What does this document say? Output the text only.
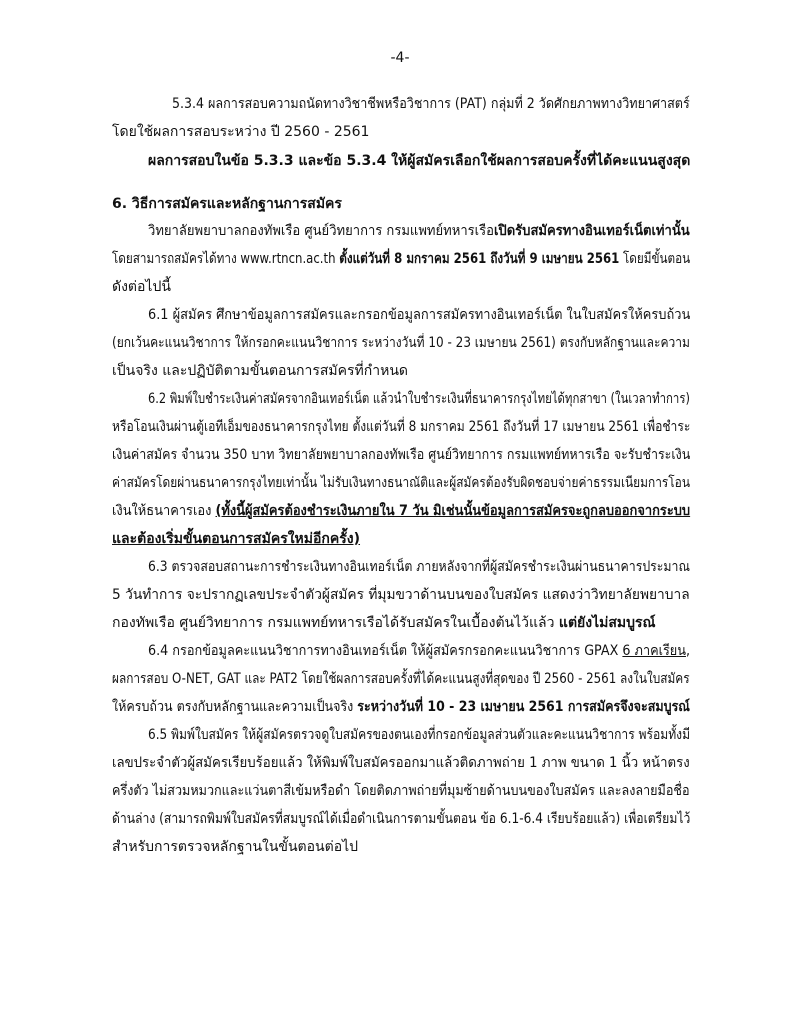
-4-
5.3.4 ผลการสอบความถนัดทางวิชาชีพหรือวิชาการ (PAT) กลุ่มที่ 2 วัดศักยภาพทางวิทยาศาสตร์
โดยใช้ผลการสอบระหว่าง ปี 2560 - 2561
ผลการสอบในข้อ 5.3.3 และข้อ 5.3.4 ให้ผู้สมัครเลือกใช้ผลการสอบครั้งที่ได้คะแนนสูงสุด
6. วิธีการสมัครและหลักฐานการสมัคร
วิทยาลัยพยาบาลกองทัพเรือ ศูนย์วิทยาการ กรมแพทย์ทหารเรือเปิดรับสมัครทางอินเทอร์เน็ตเท่านั้น
โดยสามารถสมัครได้ทาง www.rtncn.ac.th ตั้งแต่วันที่ 8 มกราคม 2561 ถึงวันที่ 9 เมษายน 2561 โดยมีขั้นตอน
ดังต่อไปนี้
6.1 ผู้สมัคร ศึกษาข้อมูลการสมัครและกรอกข้อมูลการสมัครทางอินเทอร์เน็ต ในใบสมัครให้ครบถ้วน
(ยกเว้นคะแนนวิชาการ ให้กรอกคะแนนวิชาการ ระหว่างวันที่ 10 - 23 เมษายน 2561) ตรงกับหลักฐานและความ
เป็นจริง และปฏิบัติตามขั้นตอนการสมัครที่กำหนด
6.2 พิมพ์ใบชำระเงินค่าสมัครจากอินเทอร์เน็ต แล้วนำใบชำระเงินที่ธนาคารกรุงไทยได้ทุกสาขา (ในเวลาทำการ)
หรือโอนเงินผ่านตู้เอทีเอ็มของธนาคารกรุงไทย ตั้งแต่วันที่ 8 มกราคม 2561 ถึงวันที่ 17 เมษายน 2561 เพื่อชำระ
เงินค่าสมัคร จำนวน 350 บาท วิทยาลัยพยาบาลกองทัพเรือ ศูนย์วิทยาการ กรมแพทย์ทหารเรือ จะรับชำระเงิน
ค่าสมัครโดยผ่านธนาคารกรุงไทยเท่านั้น ไม่รับเงินทางธนาณัติและผู้สมัครต้องรับผิดชอบจ่ายค่าธรรมเนียมการโอน
เงินให้ธนาคารเอง (ทั้งนี้ผู้สมัครต้องชำระเงินภายใน 7 วัน มิเช่นนั้นข้อมูลการสมัครจะถูกลบออกจากระบบ
และต้องเริ่มขั้นตอนการสมัครใหม่อีกครั้ง)
6.3 ตรวจสอบสถานะการชำระเงินทางอินเทอร์เน็ต ภายหลังจากที่ผู้สมัครชำระเงินผ่านธนาคารประมาณ
5 วันทำการ จะปรากฏเลขประจำตัวผู้สมัคร ที่มุมขวาด้านบนของใบสมัคร แสดงว่าวิทยาลัยพยาบาล
กองทัพเรือ ศูนย์วิทยาการ กรมแพทย์ทหารเรือได้รับสมัครในเบื้องต้นไว้แล้ว แต่ยังไม่สมบูรณ์
6.4 กรอกข้อมูลคะแนนวิชาการทางอินเทอร์เน็ต ให้ผู้สมัครกรอกคะแนนวิชาการ GPAX 6 ภาคเรียน,
ผลการสอบ O-NET, GAT และ PAT2 โดยใช้ผลการสอบครั้งที่ได้คะแนนสูงที่สุดของ ปี 2560 - 2561 ลงในใบสมัคร
ให้ครบถ้วน ตรงกับหลักฐานและความเป็นจริง ระหว่างวันที่ 10 - 23 เมษายน 2561 การสมัครจึงจะสมบูรณ์
6.5 พิมพ์ใบสมัคร ให้ผู้สมัครตรวจดูใบสมัครของตนเองที่กรอกข้อมูลส่วนตัวและคะแนนวิชาการ พร้อมทั้งมี
เลขประจำตัวผู้สมัครเรียบร้อยแล้ว ให้พิมพ์ใบสมัครออกมาแล้วติดภาพถ่าย 1 ภาพ ขนาด 1 นิ้ว หน้าตรง
ครึ่งตัว ไม่สวมหมวกและแว่นตาสีเข้มหรือดำ โดยติดภาพถ่ายที่มุมซ้ายด้านบนของใบสมัคร และลงลายมือชื่อ
ด้านล่าง (สามารถพิมพ์ใบสมัครที่สมบูรณ์ได้เมื่อดำเนินการตามขั้นตอน ข้อ 6.1-6.4 เรียบร้อยแล้ว) เพื่อเตรียมไว้
สำหรับการตรวจหลักฐานในขั้นตอนต่อไป
